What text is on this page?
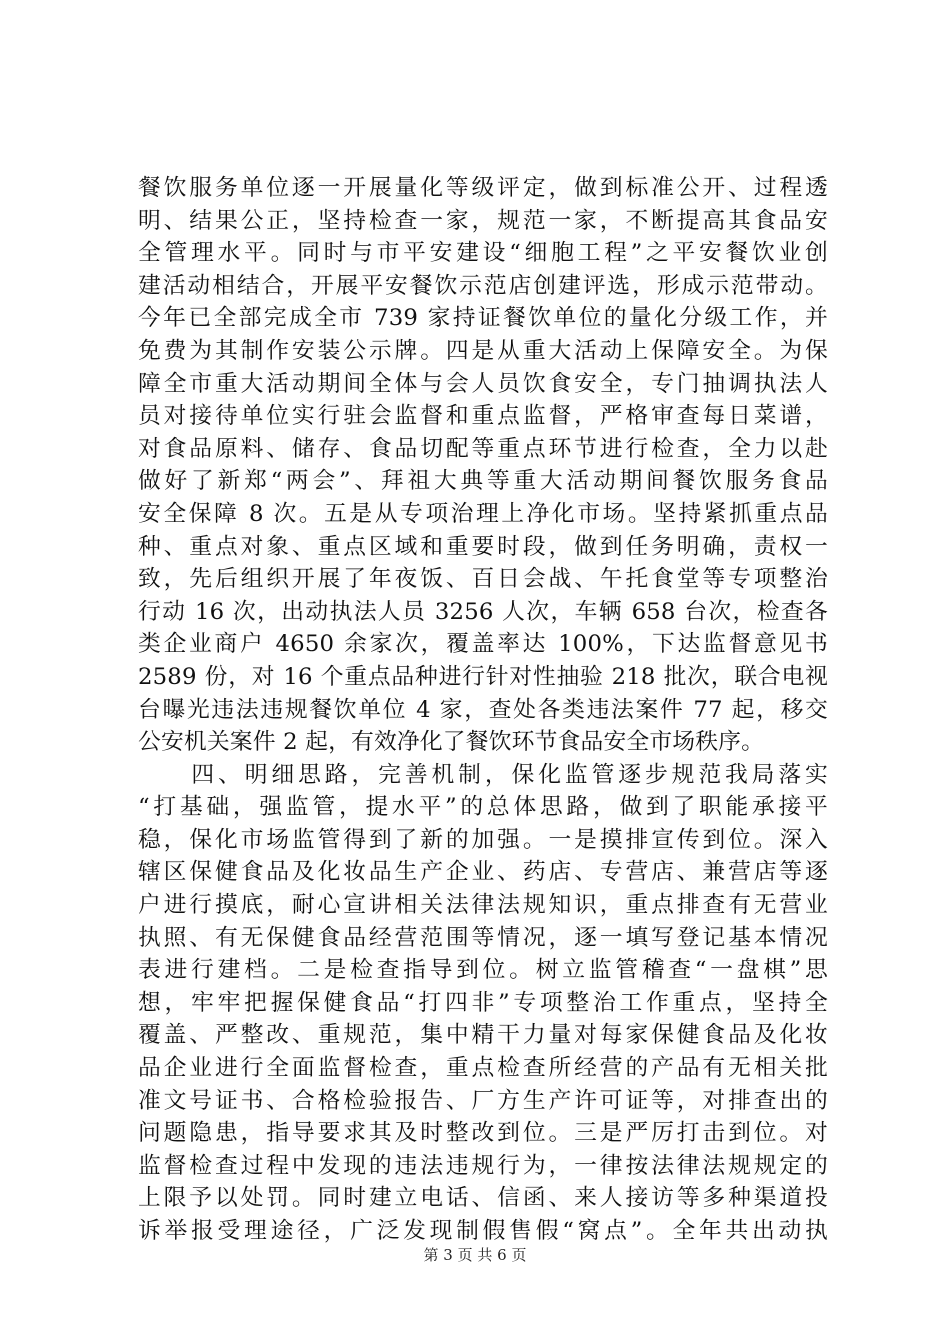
餐饮服务单位逐一开展量化等级评定，做到标准公开、过程透
明、结果公正，坚持检查一家，规范一家，不断提高其食品安
全管理水平。同时与市平安建设“细胞工程”之平安餐饮业创
建活动相结合，开展平安餐饮示范店创建评选，形成示范带动。
今年已全部完成全市 739 家持证餐饮单位的量化分级工作，并
免费为其制作安装公示牌。四是从重大活动上保障安全。为保
障全市重大活动期间全体与会人员饮食安全，专门抽调执法人
员对接待单位实行驻会监督和重点监督，严格审查每日菜谱，
对食品原料、储存、食品切配等重点环节进行检查，全力以赴
做好了新郑“两会”、拜祖大典等重大活动期间餐饮服务食品
安全保障 8 次。五是从专项治理上净化市场。坚持紧抓重点品
种、重点对象、重点区域和重要时段，做到任务明确，责权一
致，先后组织开展了年夜饭、百日会战、午托食堂等专项整治
行动 16 次，出动执法人员 3256 人次，车辆 658 台次，检查各
类企业商户 4650 余家次，覆盖率达 100%，下达监督意见书
2589 份，对 16 个重点品种进行针对性抽验 218 批次，联合电视
台曝光违法违规餐饮单位 4 家，查处各类违法案件 77 起，移交
公安机关案件 2 起，有效净化了餐饮环节食品安全市场秩序。
　　四、明细思路，完善机制，保化监管逐步规范我局落实
“打基础，强监管，提水平”的总体思路，做到了职能承接平
稳，保化市场监管得到了新的加强。一是摸排宣传到位。深入
辖区保健食品及化妆品生产企业、药店、专营店、兼营店等逐
户进行摸底，耐心宣讲相关法律法规知识，重点排查有无营业
执照、有无保健食品经营范围等情况，逐一填写登记基本情况
表进行建档。二是检查指导到位。树立监管稽查“一盘棋”思
想，牢牢把握保健食品“打四非”专项整治工作重点，坚持全
覆盖、严整改、重规范，集中精干力量对每家保健食品及化妆
品企业进行全面监督检查，重点检查所经营的产品有无相关批
准文号证书、合格检验报告、厂方生产许可证等，对排查出的
问题隐患，指导要求其及时整改到位。三是严厉打击到位。对
监督检查过程中发现的违法违规行为，一律按法律法规规定的
上限予以处罚。同时建立电话、信函、来人接访等多种渠道投
诉举报受理途径，广泛发现制假售假“窝点”。全年共出动执
第 3 页 共 6 页
